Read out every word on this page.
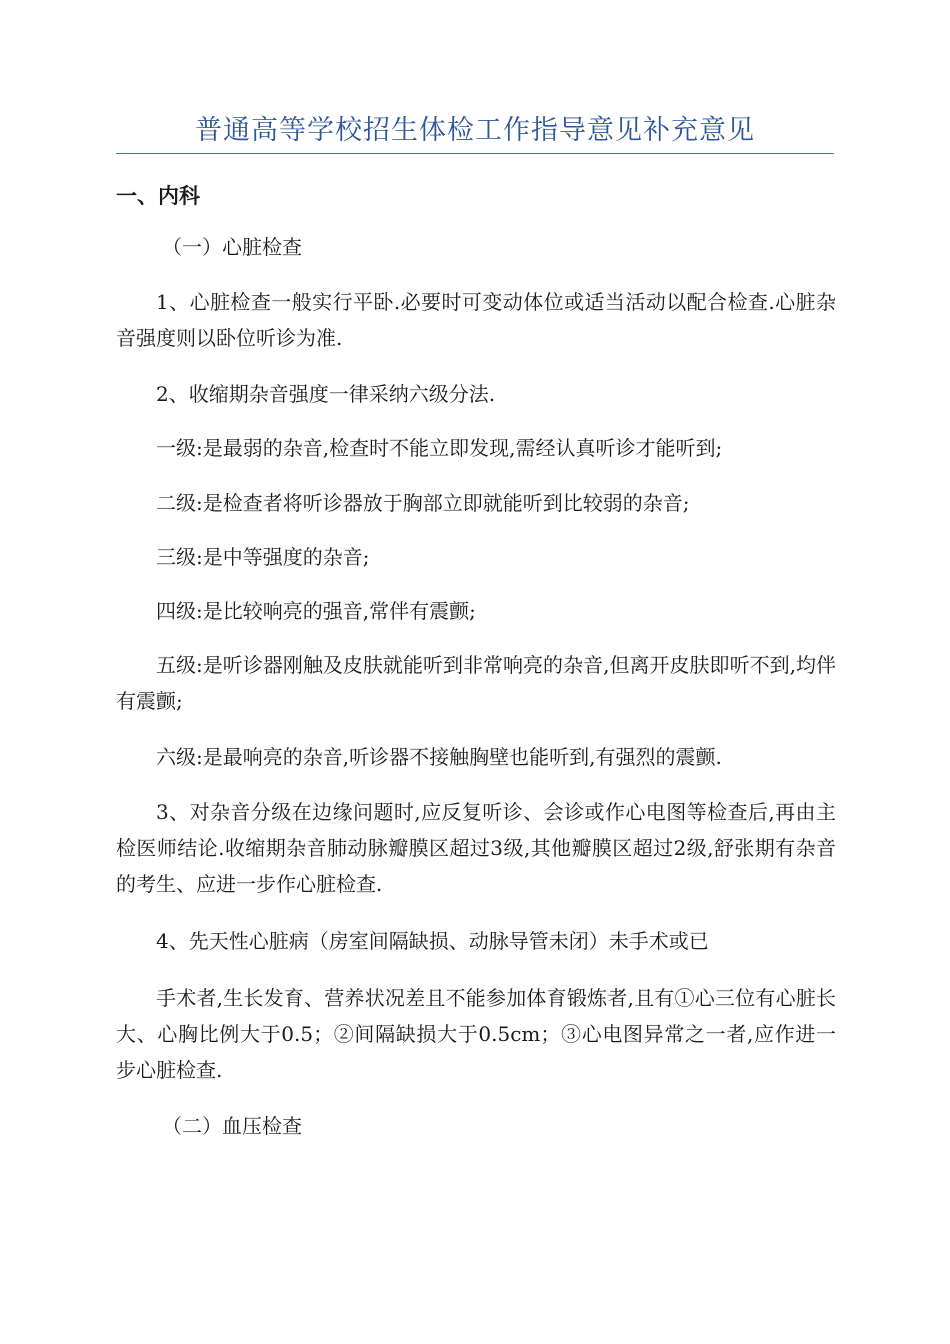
普通高等学校招生体检工作指导意见补充意见
一、内科
（一）心脏检查
1、心脏检查一般实行平卧.必要时可变动体位或适当活动以配合检查.心脏杂音强度则以卧位听诊为准.
2、收缩期杂音强度一律采纳六级分法.
一级:是最弱的杂音,检查时不能立即发现,需经认真听诊才能听到;
二级:是检查者将听诊器放于胸部立即就能听到比较弱的杂音;
三级:是中等强度的杂音;
四级:是比较响亮的强音,常伴有震颤;
五级:是听诊器刚触及皮肤就能听到非常响亮的杂音,但离开皮肤即听不到,均伴有震颤;
六级:是最响亮的杂音,听诊器不接触胸壁也能听到,有强烈的震颤.
3、对杂音分级在边缘问题时,应反复听诊、会诊或作心电图等检查后,再由主检医师结论.收缩期杂音肺动脉瓣膜区超过3级,其他瓣膜区超过2级,舒张期有杂音的考生、应进一步作心脏检查.
4、先天性心脏病（房室间隔缺损、动脉导管未闭）未手术或已
手术者,生长发育、营养状况差且不能参加体育锻炼者,且有①心三位有心脏长大、心胸比例大于0.5；②间隔缺损大于0.5cm；③心电图异常之一者,应作进一步心脏检查.
（二）血压检查
